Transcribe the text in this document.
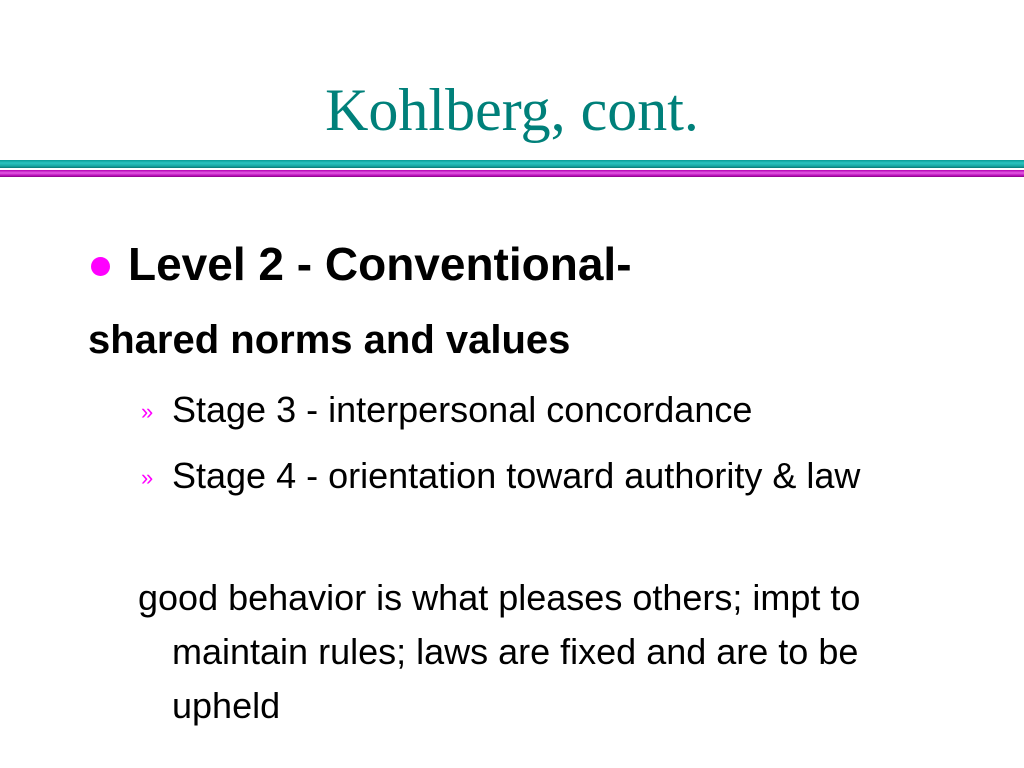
Kohlberg, cont.
Level 2 - Conventional-
shared norms and values
» Stage 3 - interpersonal concordance
» Stage 4 - orientation toward authority & law
good behavior is what pleases others; impt to maintain rules; laws are fixed and are to be upheld
